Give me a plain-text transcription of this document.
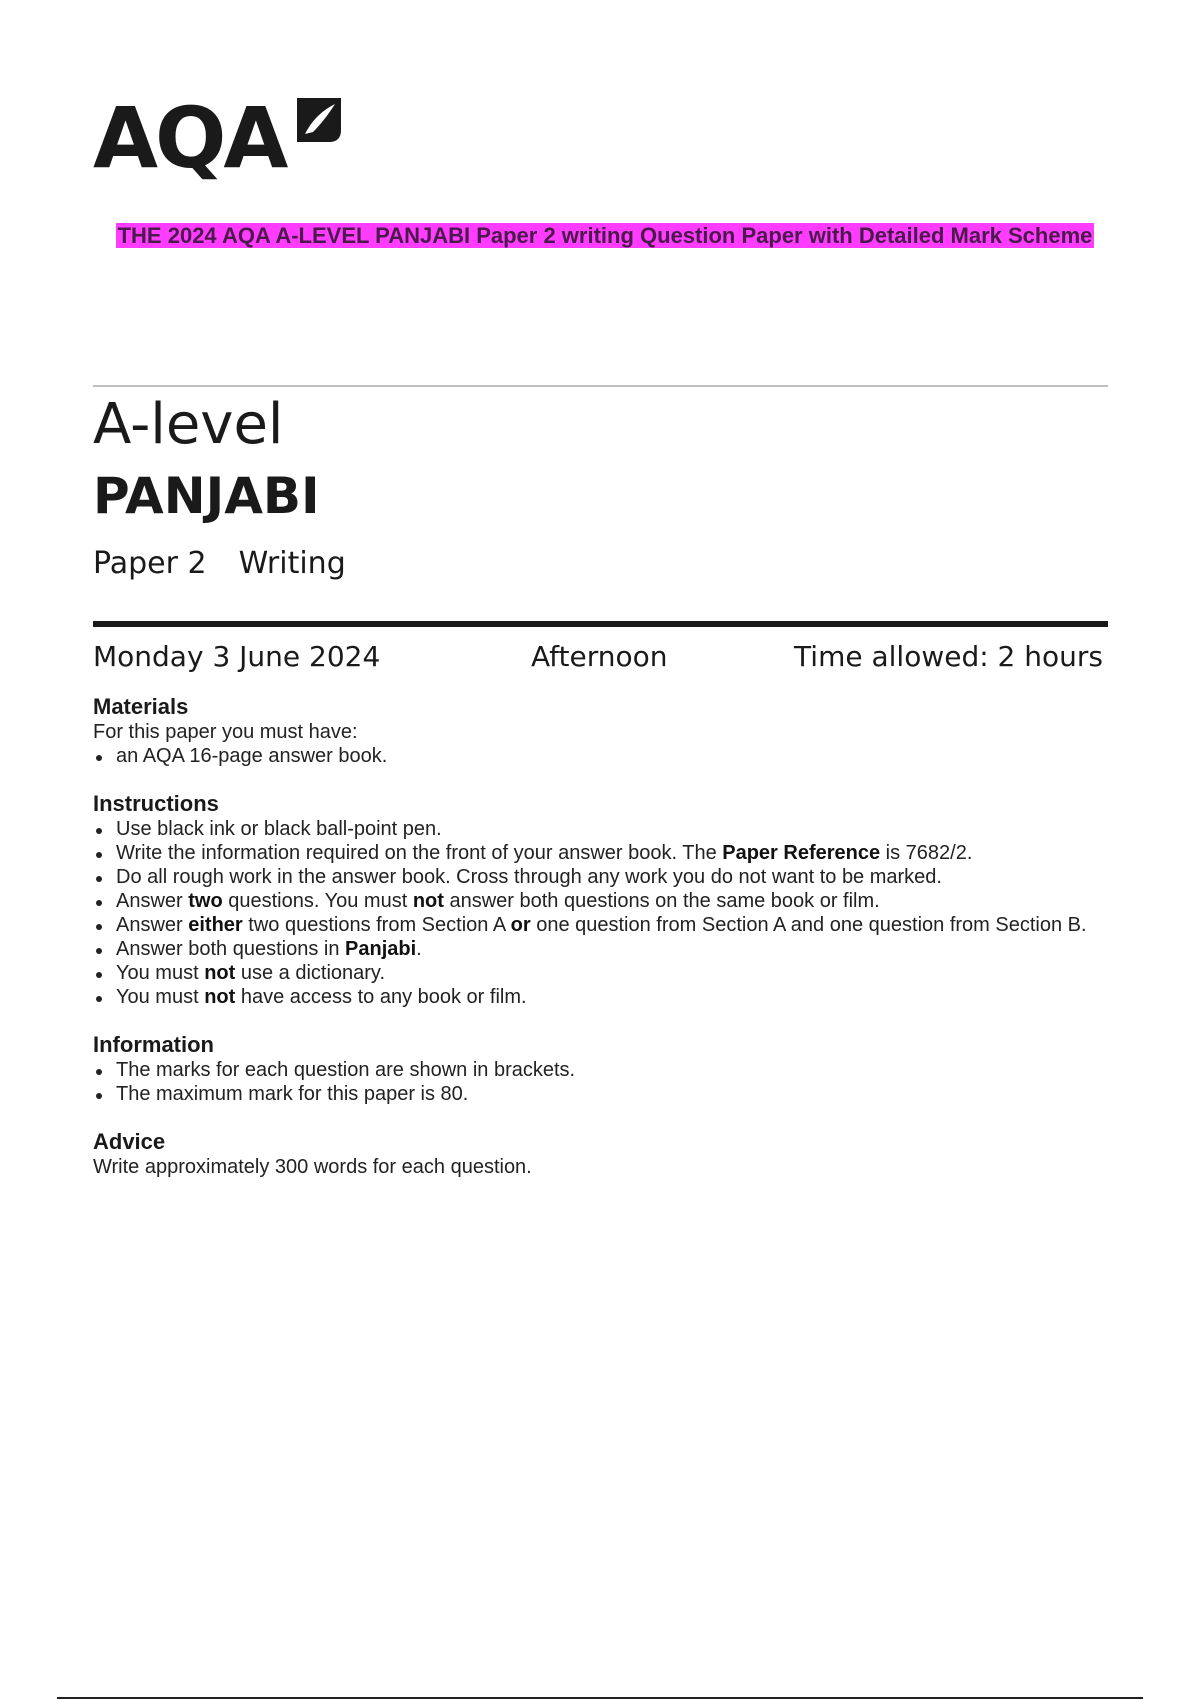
AQA
THE 2024 AQA A-LEVEL PANJABI Paper 2 writing Question Paper with Detailed Mark Scheme
A-level
PANJABI
Paper 2 Writing
Monday 3 June 2024	Afternoon	Time allowed: 2 hours
Materials

For this paper you must have:

an AQA 16-page answer book.
Instructions
Use black ink or black ball-point pen.
Write the information required on the front of your answer book. The Paper Reference is 7682/2.
Do all rough work in the answer book. Cross through any work you do not want to be marked.
Answer two questions. You must not answer both questions on the same book or film.
Answer either two questions from Section A or one question from Section A and one question from Section B.
Answer both questions in Panjabi.
You must not use a dictionary.
You must not have access to any book or film.
Information
The marks for each question are shown in brackets.
The maximum mark for this paper is 80.
Advice

Write approximately 300 words for each question.
